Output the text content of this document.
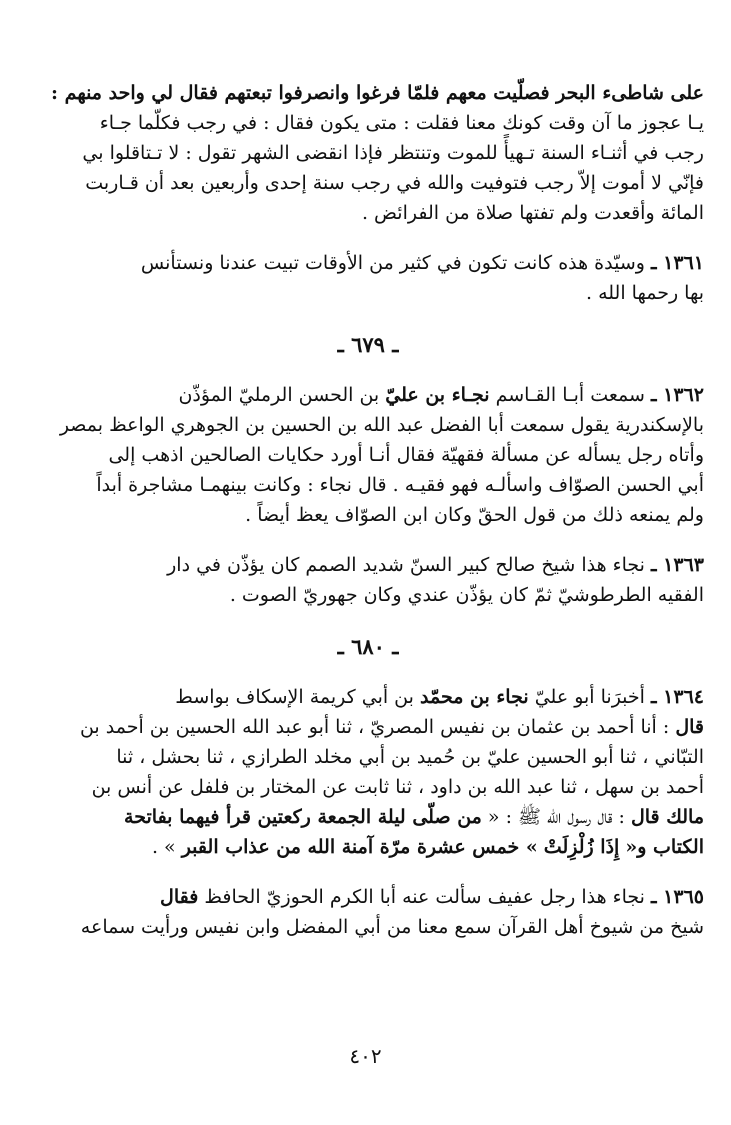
على شاطىء البحر فصلّيت معهم فلمّا فرغوا وانصرفوا تبعتهم فقال لي واحد منهم :
يـا عجوز ما آن وقت كونك معنا فقلت : متى يكون فقال : في رجب فكلّما جـاء
رجب في أثنـاء السنة تـهيأً للموت وتنتظر فإذا انقضى الشهر تقول : لا تـتاقلوا بي
فإنّي لا أموت إلاّ رجب فتوفيت والله في رجب سنة إحدى وأربعين بعد أن قـاربت
المائة وأقعدت ولم تفتها صلاة من الفرائض .
١٣٦١ ـ وسيّدة هذه كانت تكون في كثير من الأوقات تبيت عندنا ونستأنس
بها رحمها الله .
ـ ٦٧٩ ـ
١٣٦٢ ـ سمعت أبـا القـاسم نجـاء بن عليّ بن الحسن الرمليّ المؤذّن
بالإسكندرية يقول سمعت أبا الفضل عبد الله بن الحسين بن الجوهري الواعظ بمصر
وأتاه رجل يسأله عن مسألة فقهيّة فقال أنـا أورد حكايات الصالحين اذهب إلى
أبي الحسن الصوّاف واسألـه فهو فقيـه . قال نجاء : وكانت بينهمـا مشاجرة أبداً
ولم يمنعه ذلك من قول الحقّ وكان ابن الصوّاف يعظ أيضاً .
١٣٦٣ ـ نجاء هذا شيخ صالح كبير السنّ شديد الصمم كان يؤذّن في دار
الفقيه الطرطوشيّ ثمّ كان يؤذّن عندي وكان جهوريّ الصوت .
ـ ٦٨٠ ـ
١٣٦٤ ـ أخبرَنا أبو عليّ نجاء بن محمّد بن أبي كريمة الإسكاف بواسط
قال : أنا أحمد بن عثمان بن نفيس المصريّ ، ثنا أبو عبد الله الحسين بن أحمد بن
التبّاني ، ثنا أبو الحسين عليّ بن حُميد بن أبي مخلد الطرازي ، ثنا بحشل ، ثنا
أحمد بن سهل ، ثنا عبد الله بن داود ، ثنا ثابت عن المختار بن فلفل عن أنس بن
مالك قال : قال رسول الله ﷺ : « من صلّى ليلة الجمعة ركعتين قرأ فيهما بفاتحة
الكتاب و« إِذَا زُلْزِلَتْ » خمس عشرة مرّة آمنة الله من عذاب القبر » .
١٣٦٥ ـ نجاء هذا رجل عفيف سألت عنه أبا الكرم الحوزيّ الحافظ فقال
شيخ من شيوخ أهل القرآن سمع معنا من أبي المفضل وابن نفيس ورأيت سماعه
٤٠٢
